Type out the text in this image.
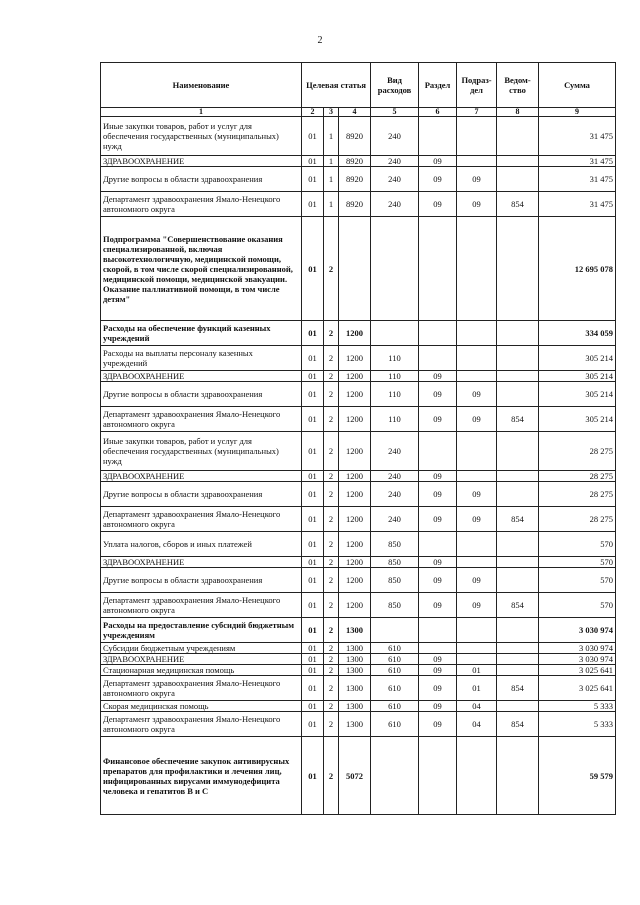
2
Наименование	Целевая статья			Вид расходов	Раздел	Подраз-дел	Ведом-ство	Сумма
1	2	3	4	5	6	7	8	9
Иные закупки товаров, работ и услуг для обеспечения государственных (муниципальных) нужд	01	1	8920	240				31 475
ЗДРАВООХРАНЕНИЕ	01	1	8920	240	09			31 475
Другие вопросы в области здравоохранения	01	1	8920	240	09	09		31 475
Департамент здравоохранения Ямало-Ненецкого автономного округа	01	1	8920	240	09	09	854	31 475
Подпрограмма "Совершенствование оказания специализированной, включая высокотехнологичную, медицинской помощи, скорой, в том числе скорой специализированной, медицинской помощи, медицинской эвакуации. Оказание паллиативной помощи, в том числе детям"	01	2						12 695 078
Расходы на обеспечение функций казенных учреждений	01	2	1200					334 059
Расходы на выплаты персоналу казенных учреждений	01	2	1200	110				305 214
ЗДРАВООХРАНЕНИЕ	01	2	1200	110	09			305 214
Другие вопросы в области здравоохранения	01	2	1200	110	09	09		305 214
Департамент здравоохранения Ямало-Ненецкого автономного округа	01	2	1200	110	09	09	854	305 214
Иные закупки товаров, работ и услуг для обеспечения государственных (муниципальных) нужд	01	2	1200	240				28 275
ЗДРАВООХРАНЕНИЕ	01	2	1200	240	09			28 275
Другие вопросы в области здравоохранения	01	2	1200	240	09	09		28 275
Департамент здравоохранения Ямало-Ненецкого автономного округа	01	2	1200	240	09	09	854	28 275
Уплата налогов, сборов и иных платежей	01	2	1200	850				570
ЗДРАВООХРАНЕНИЕ	01	2	1200	850	09			570
Другие вопросы в области здравоохранения	01	2	1200	850	09	09		570
Департамент здравоохранения Ямало-Ненецкого автономного округа	01	2	1200	850	09	09	854	570
Расходы на предоставление субсидий бюджетным учреждениям	01	2	1300					3 030 974
Субсидии бюджетным учреждениям	01	2	1300	610				3 030 974
ЗДРАВООХРАНЕНИЕ	01	2	1300	610	09			3 030 974
Стационарная медицинская помощь	01	2	1300	610	09	01		3 025 641
Департамент здравоохранения Ямало-Ненецкого автономного округа	01	2	1300	610	09	01	854	3 025 641
Скорая медицинская помощь	01	2	1300	610	09	04		5 333
Департамент здравоохранения Ямало-Ненецкого автономного округа	01	2	1300	610	09	04	854	5 333
Финансовое обеспечение закупок антивирусных препаратов для профилактики и лечения лиц, инфицированных вирусами иммунодефицита человека и гепатитов В и С	01	2	5072					59 579
